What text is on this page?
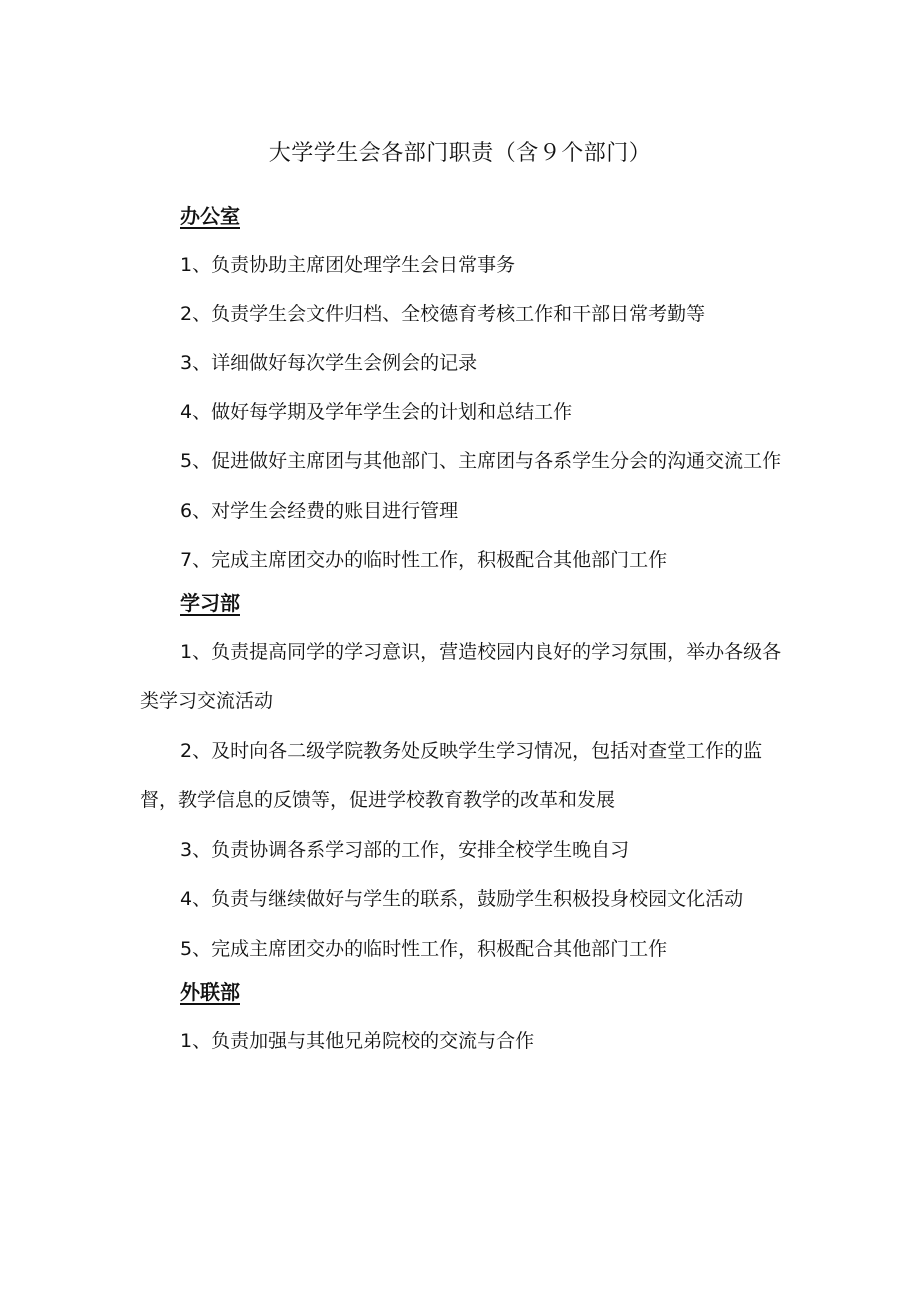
大学学生会各部门职责（含９个部门）
办公室
1、负责协助主席团处理学生会日常事务
2、负责学生会文件归档、全校德育考核工作和干部日常考勤等
3、详细做好每次学生会例会的记录
4、做好每学期及学年学生会的计划和总结工作
5、促进做好主席团与其他部门、主席团与各系学生分会的沟通交流工作
6、对学生会经费的账目进行管理
7、完成主席团交办的临时性工作，积极配合其他部门工作
学习部
1、负责提高同学的学习意识，营造校园内良好的学习氛围，举办各级各类学习交流活动
2、及时向各二级学院教务处反映学生学习情况，包括对查堂工作的监督，教学信息的反馈等，促进学校教育教学的改革和发展
3、负责协调各系学习部的工作，安排全校学生晚自习
4、负责与继续做好与学生的联系，鼓励学生积极投身校园文化活动
5、完成主席团交办的临时性工作，积极配合其他部门工作
外联部
1、负责加强与其他兄弟院校的交流与合作
